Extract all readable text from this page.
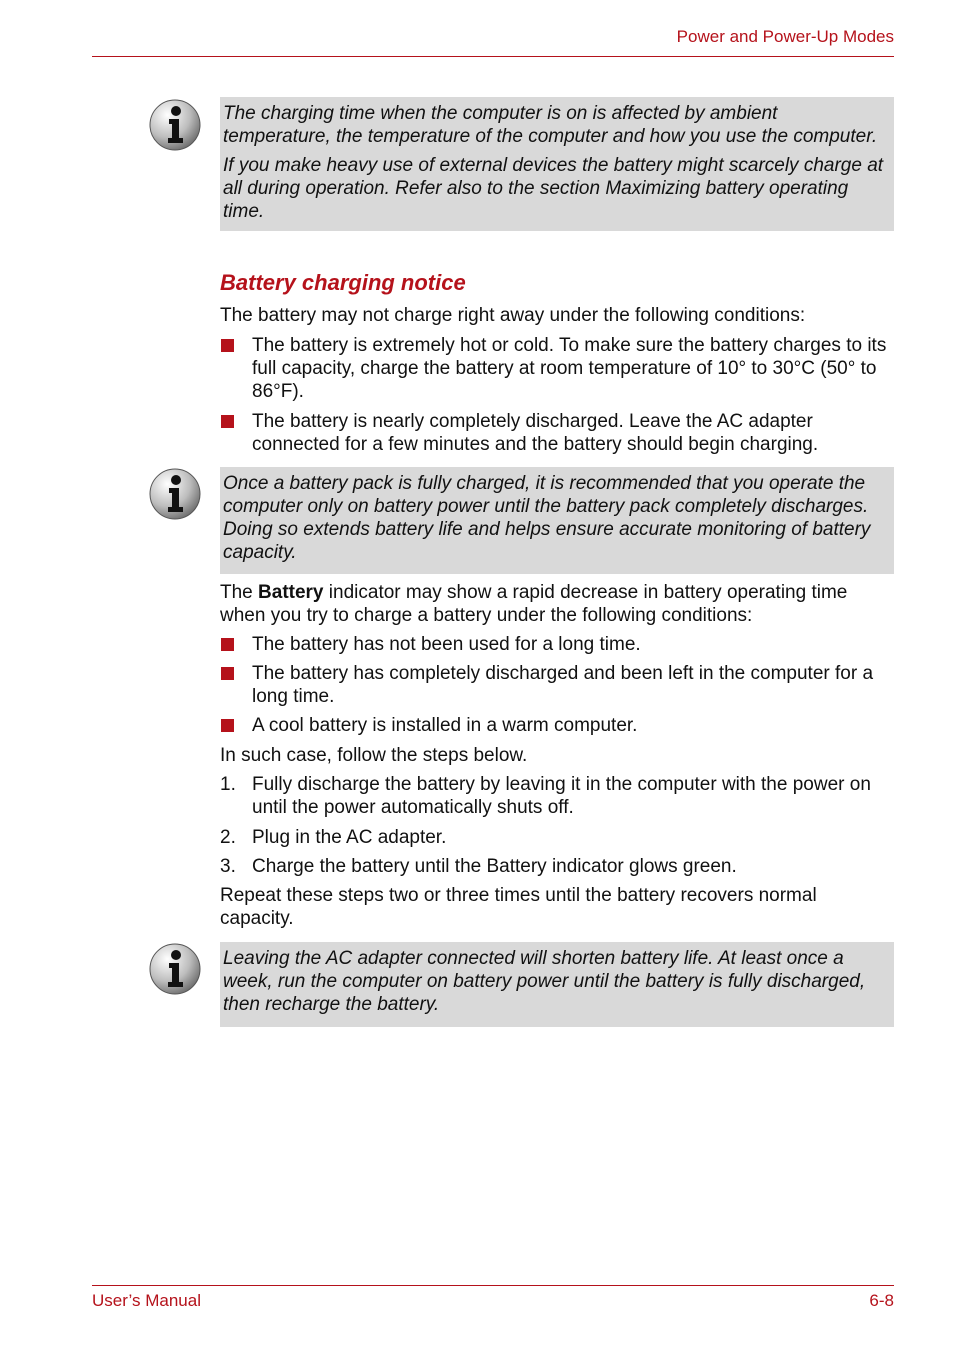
Power and Power-Up Modes

The charging time when the computer is on is affected by ambient temperature, the temperature of the computer and how you use the computer.

If you make heavy use of external devices the battery might scarcely charge at all during operation. Refer also to the section Maximizing battery operating time.

Battery charging notice

The battery may not charge right away under the following conditions:

The battery is extremely hot or cold. To make sure the battery charges to its full capacity, charge the battery at room temperature of 10° to 30°C (50° to 86°F).
The battery is nearly completely discharged. Leave the AC adapter connected for a few minutes and the battery should begin charging.

Once a battery pack is fully charged, it is recommended that you operate the computer only on battery power until the battery pack completely discharges. Doing so extends battery life and helps ensure accurate monitoring of battery capacity.

The Battery indicator may show a rapid decrease in battery operating time when you try to charge a battery under the following conditions:

The battery has not been used for a long time.
The battery has completely discharged and been left in the computer for a long time.
A cool battery is installed in a warm computer.

In such case, follow the steps below.

1. Fully discharge the battery by leaving it in the computer with the power on until the power automatically shuts off.
2. Plug in the AC adapter.
3. Charge the battery until the Battery indicator glows green.

Repeat these steps two or three times until the battery recovers normal capacity.

Leaving the AC adapter connected will shorten battery life. At least once a week, run the computer on battery power until the battery is fully discharged, then recharge the battery.

User’s Manual	6-8
